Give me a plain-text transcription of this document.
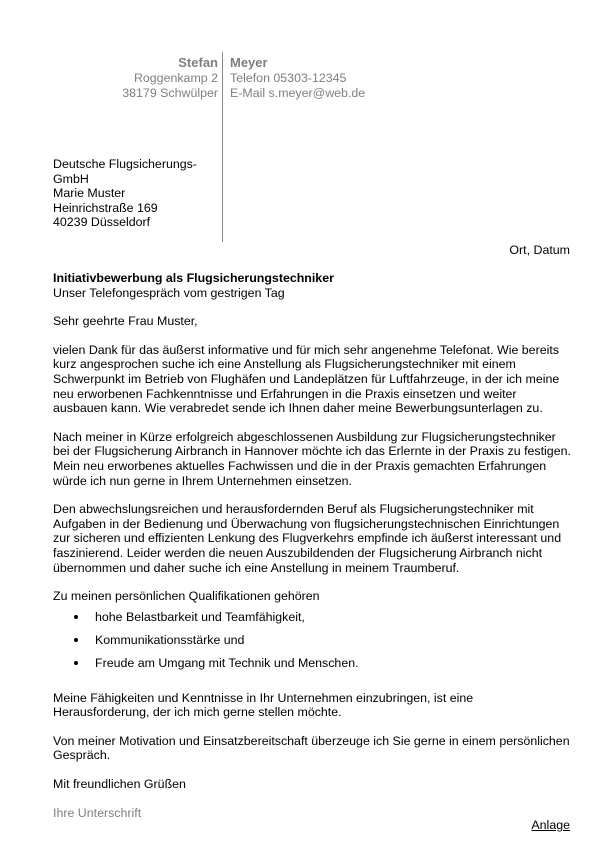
Stefan
Roggenkamp 2
38179 Schwülper
Meyer
Telefon 05303-12345
E-Mail s.meyer@web.de
Deutsche Flugsicherungs-GmbH
Marie Muster
Heinrichstraße 169
40239 Düsseldorf
Ort, Datum

Initiativbewerbung als Flugsicherungstechniker

Unser Telefongespräch vom gestrigen Tag

Sehr geehrte Frau Muster,

vielen Dank für das äußerst informative und für mich sehr angenehme Telefonat. Wie bereits kurz angesprochen suche ich eine Anstellung als Flugsicherungstechniker mit einem Schwerpunkt im Betrieb von Flughäfen und Landeplätzen für Luftfahrzeuge, in der ich meine neu erworbenen Fachkenntnisse und Erfahrungen in die Praxis einsetzen und weiter ausbauen kann. Wie verabredet sende ich Ihnen daher meine Bewerbungsunterlagen zu.

Nach meiner in Kürze erfolgreich abgeschlossenen Ausbildung zur Flugsicherungstechniker bei der Flugsicherung Airbranch in Hannover möchte ich das Erlernte in der Praxis zu festigen. Mein neu erworbenes aktuelles Fachwissen und die in der Praxis gemachten Erfahrungen würde ich nun gerne in Ihrem Unternehmen einsetzen.

Den abwechslungsreichen und herausfordernden Beruf als Flugsicherungstechniker mit Aufgaben in der Bedienung und Überwachung von flugsicherungstechnischen Einrichtungen zur sicheren und effizienten Lenkung des Flugverkehrs empfinde ich äußerst interessant und faszinierend. Leider werden die neuen Auszubildenden der Flugsicherung Airbranch nicht übernommen und daher suche ich eine Anstellung in meinem Traumberuf.

Zu meinen persönlichen Qualifikationen gehören

hohe Belastbarkeit und Teamfähigkeit,
Kommunikationsstärke und
Freude am Umgang mit Technik und Menschen.

Meine Fähigkeiten und Kenntnisse in Ihr Unternehmen einzubringen, ist eine Herausforderung, der ich mich gerne stellen möchte.

Von meiner Motivation und Einsatzbereitschaft überzeuge ich Sie gerne in einem persönlichen Gespräch.

Mit freundlichen Grüßen

Ihre Unterschrift

Anlage
